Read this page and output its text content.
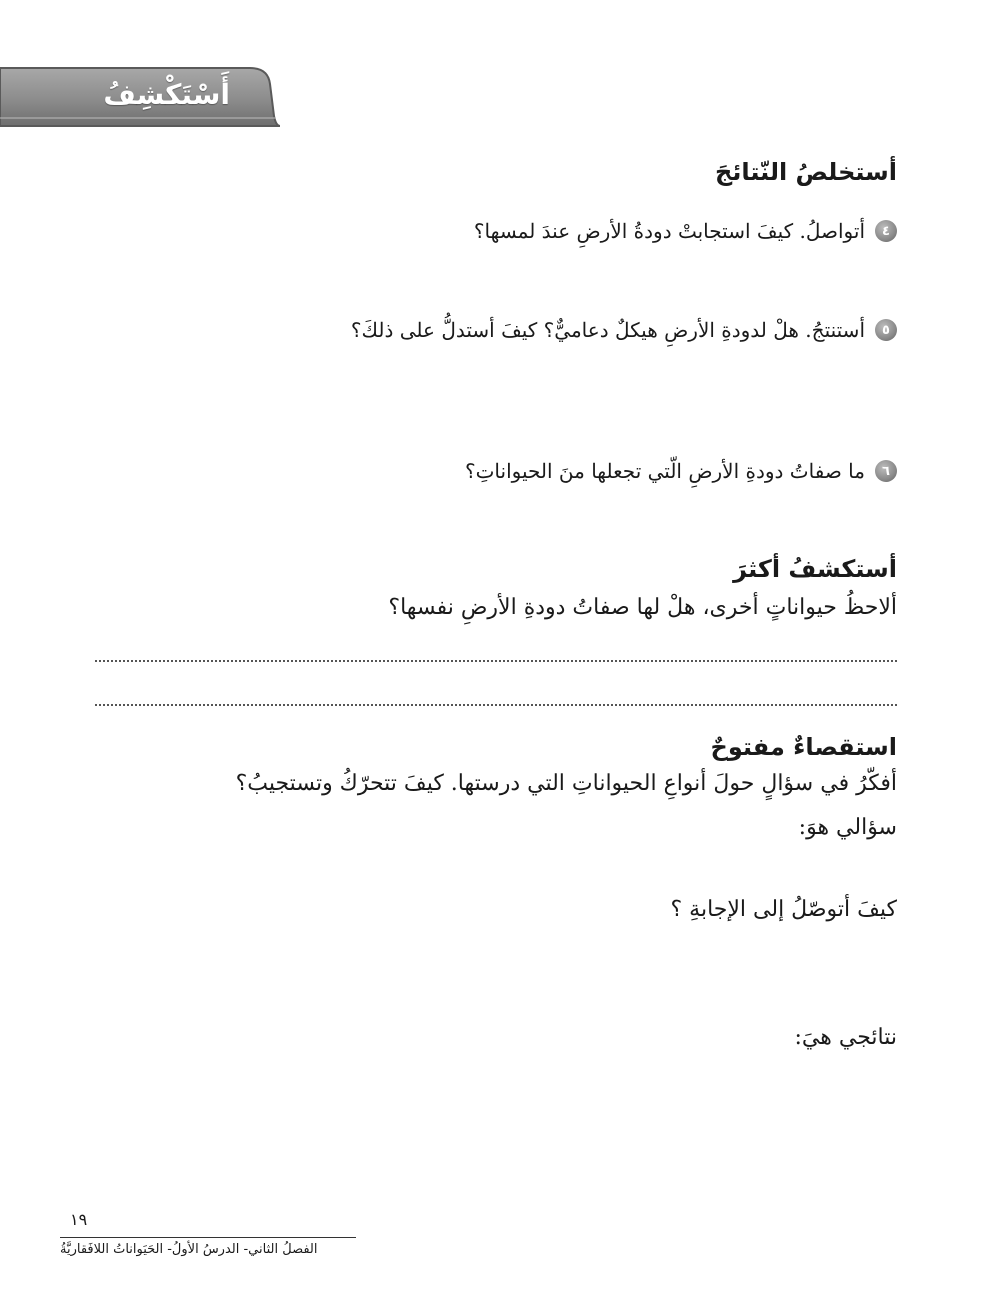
أَسْتَكْشِفُ
أستخلصُ النّتائجَ
٤
أتواصلُ. كيفَ استجابتْ دودةُ الأرضِ عندَ لمسها؟
٥
أستنتجُ. هلْ لدودةِ الأرضِ هيكلٌ دعاميٌّ؟ كيفَ أستدلُّ على ذلكَ؟
٦
ما صفاتُ دودةِ الأرضِ الّتي تجعلها منَ الحيواناتِ؟
أستكشفُ أكثرَ
ألاحظُ حيواناتٍ أخرى، هلْ لها صفاتُ دودةِ الأرضِ نفسها؟
استقصاءٌ مفتوحٌ
أفكّرُ في سؤالٍ حولَ أنواعِ الحيواناتِ التي درستها. كيفَ تتحرّكُ وتستجيبُ؟
سؤالي هوَ:
كيفَ أتوصّلُ إلى الإجابةِ ؟
نتائجي هيَ:
١٩
الفصلُ الثاني- الدرسُ الأولُ- الحَيَواناتُ اللافَقاريَّةُ
